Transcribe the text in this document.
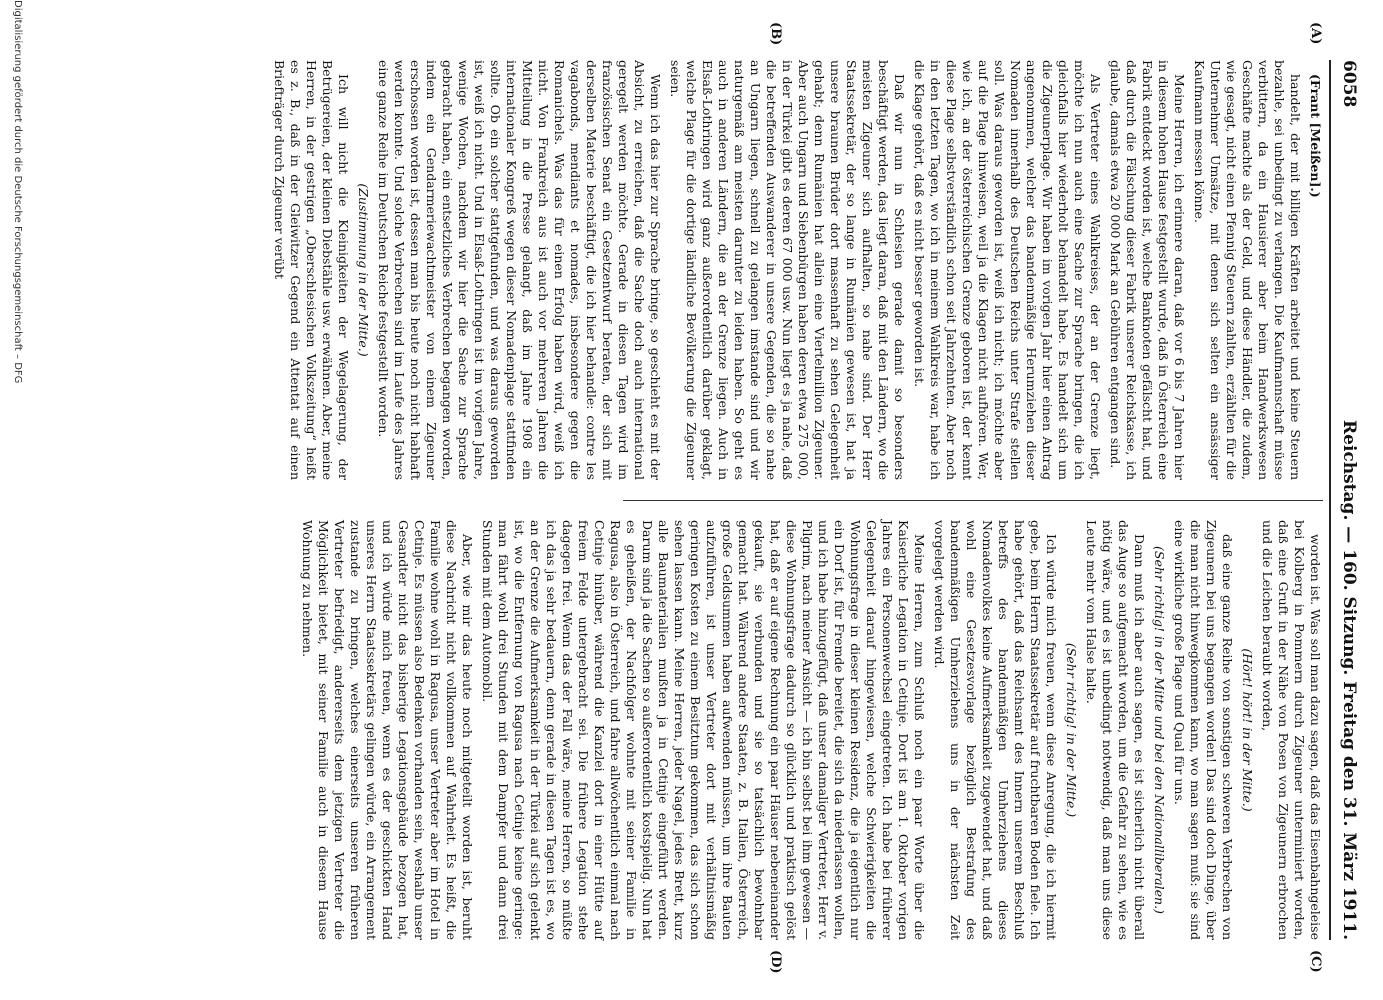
6058
Reichstag. — 160. Sitzung.
Freitag den 31. März 1911.
(A)
(B)
(C)
(D)

(Frant [Meißen].)

handelt, der mit billigen Kräften arbeitet und keine Steuern bezahle, sei unbedingt zu verlangen. Die Kaufmannschaft müsse verbittern, da ein Hausierer aber beim Handwerkswesen Geschäfte machte als der Geld, und diese Händler, die zudem, wie gesagt, nicht einen Pfennig Steuern zahlten, erzählten für die Unternehmer Umsätze, mit denen sich selten ein ansässiger Kaufmann messen könne.

Meine Herren, ich erinnere daran, daß vor 6 bis 7 Jahren hier in diesem hohen Hause festgestellt wurde, daß in Österreich eine Fabrik entdeckt worden ist, welche Banknoten gefälscht hat, und daß durch die Fälschung dieser Fabrik unserer Reichskasse, ich glaube, damals etwa 20 000 Mark an Gebühren entgangen sind.

Als Vertreter eines Wahlkreises, der an der Grenze liegt, möchte ich nun auch eine Sache zur Sprache bringen, die ich gleichfalls hier wiederholt behandelt habe. Es handelt sich um die Zigeunerplage. Wir haben im vorigen Jahr hier einen Antrag angenommen, welcher das bandenmäßige Herumziehen dieser Nomaden innerhalb des Deutschen Reichs unter Strafe stellen soll. Was daraus geworden ist, weiß ich nicht; ich möchte aber auf die Plage hinweisen, weil ja die Klagen nicht aufhören. Wer, wie ich, an der österreichischen Grenze geboren ist, der kennt diese Plage selbstverständlich schon seit Jahrzehnten. Aber noch in den letzten Tagen, wo ich in meinem Wahlkreis war, habe ich die Klage gehört, daß es nicht besser geworden ist.

Daß wir nun in Schlesien gerade damit so besonders beschäftigt werden, das liegt daran, daß mit den Ländern, wo die meisten Zigeuner sich aufhalten, so nahe sind. Der Herr Staatssekretär, der so lange in Rumänien gewesen ist, hat ja unsere braunen Brüder dort massenhaft zu sehen Gelegenheit gehabt; denn Rumänien hat allein eine Viertelmillion Zigeuner. Aber auch Ungarn und Siebenbürgen haben deren etwa 275 000, in der Türkei gibt es deren 67 000 usw. Nun liegt es ja nahe, daß die betreffenden Auswanderer in unsere Gegenden, die so nahe an Ungarn liegen, schnell zu gelangen imstande sind und wir naturgemäß am meisten darunter zu leiden haben. So geht es auch in anderen Ländern, die an der Grenze liegen. Auch in Elsaß-Lothringen wird ganz außerordentlich darüber geklagt, welche Plage für die dortige ländliche Bevölkerung die Zigeuner seien.

Wenn ich das hier zur Sprache bringe, so geschieht es mit der Absicht, zu erreichen, daß die Sache doch auch international geregelt werden möchte. Gerade in diesen Tagen wird im französischen Senat ein Gesetzentwurf beraten, der sich mit derselben Materie beschäftigt, die ich hier behandle: contre les vagabonds, mendiants et nomades, insbesondere gegen die Romanichels. Was das für einen Erfolg haben wird, weiß ich nicht. Von Frankreich aus ist auch vor mehreren Jahren die Mitteilung in die Presse gelangt, daß im Jahre 1908 ein internationaler Kongreß wegen dieser Nomadenplage stattfinden sollte. Ob ein solcher stattgefunden, und was daraus geworden ist, weiß ich nicht. Und in Elsaß-Lothringen ist im vorigen Jahre, wenige Wochen, nachdem wir hier die Sache zur Sprache gebracht haben, ein entsetzliches Verbrechen begangen worden, indem ein Gendarmeriewachtmeister von einem Zigeuner erschossen worden ist, dessen man bis heute noch nicht habhaft werden konnte. Und solche Verbrechen sind im Laufe des Jahres eine ganze Reihe im Deutschen Reiche festgestellt worden.

(Zustimmung in der Mitte.)

Ich will nicht die Kleinigkeiten der Wegelagerung, der Betrügereien, der kleinen Diebstähle usw. erwähnen. Aber, meine Herren, in der gestrigen „Oberschlesischen Volkszeitung“ heißt es z. B., daß in der Gleiwitzer Gegend ein Attentat auf einen Briefträger durch Zigeuner verübt

worden ist. Was soll man dazu sagen, daß das Eisenbahngeleise bei Kolberg in Pommern durch Zigeuner unterminiert worden, daß eine Gruft in der Nähe von Posen von Zigeunern erbrochen und die Leichen beraubt worden,

(Hört! hört! in der Mitte.)

daß eine ganze Reihe von sonstigen schweren Verbrechen von Zigeunern bei uns begangen worden! Das sind doch Dinge, über die man nicht hinwegkommen kann, wo man sagen muß: sie sind eine wirkliche große Plage und Qual für uns.

(Sehr richtig! in der Mitte und bei den Nationalliberalen.)

Dann muß ich aber auch sagen, es ist sicherlich nicht überall das Auge so aufgemacht worden, um die Gefahr zu sehen, wie es nötig wäre, und es ist unbedingt notwendig, daß man uns diese Leute mehr vom Halse halte.

(Sehr richtig! in der Mitte.)

Ich würde mich freuen, wenn diese Anregung, die ich hiermit gebe, beim Herrn Staatssekretär auf fruchtbaren Boden fiele. Ich habe gehört, daß das Reichsamt des Innern unserem Beschluß betreffs des bandenmäßigen Umherziehens dieses Nomadenvolkes keine Aufmerksamkeit zugewendet hat, und daß wohl eine Gesetzesvorlage bezüglich Bestrafung des bandenmäßigen Umherziehens uns in der nächsten Zeit vorgelegt werden wird.

Meine Herren, zum Schluß noch ein paar Worte über die Kaiserliche Legation in Cetinje. Dort ist am 1. Oktober vorigen Jahres ein Personenwechsel eingetreten. Ich habe bei früherer Gelegenheit darauf hingewiesen, welche Schwierigkeiten die Wohnungsfrage in dieser kleinen Residenz, die ja eigentlich nur ein Dorf ist, für Fremde bereitet, die sich da niederlassen wollen, und ich habe hinzugefügt, daß unser damaliger Vertreter, Herr v. Pilgrim, nach meiner Ansicht — ich bin selbst bei ihm gewesen — diese Wohnungsfrage dadurch so glücklich und praktisch gelöst hat, daß er auf eigene Rechnung ein paar Häuser nebeneinander gekauft, sie verbunden und sie so tatsächlich bewohnbar gemacht hat. Während andere Staaten, z. B. Italien, Österreich, große Geldsummen haben aufwenden müssen, um ihre Bauten aufzuführen, ist unser Vertreter dort mit verhältnismäßig geringen Kosten zu einem Besitztum gekommen, das sich schon sehen lassen kann. Meine Herren, jeder Nagel, jedes Brett, kurz alle Baumaterialien mußten ja in Cetinje eingeführt werden. Darum sind ja die Sachen so außerordentlich kostspielig. Nun hat es geheißen, der Nachfolger wohnte mit seiner Familie in Ragusa, also in Österreich, und fahre allwöchentlich einmal nach Cetinje hinüber, während die Kanzlei dort in einer Hütte auf freiem Felde untergebracht sei. Die frühere Legation stehe dagegen frei. Wenn das der Fall wäre, meine Herren, so müßte ich das ja sehr bedauern, denn gerade in diesen Tagen ist es, wo an der Grenze die Aufmerksamkeit in der Türkei auf sich gelenkt ist, wo die Entfernung von Ragusa nach Cetinje keine geringe: man fährt wohl drei Stunden mit dem Dampfer und dann drei Stunden mit dem Automobil.

Aber, wie mir das heute noch mitgeteilt worden ist, beruht diese Nachricht nicht vollkommen auf Wahrheit. Es heißt, die Familie wohne wohl in Ragusa, unser Vertreter aber im Hotel in Cetinje. Es müssen also Bedenken vorhanden sein, weshalb unser Gesandter nicht das bisherige Legationsgebäude bezogen hat, und ich würde mich freuen, wenn es der geschickten Hand unseres Herrn Staatssekretärs gelingen würde, ein Arrangement zustande zu bringen, welches einerseits unseren früheren Vertreter befriedigt, andererseits dem jetzigen Vertreter die Möglichkeit bietet, mit seiner Familie auch in diesem Hause Wohnung zu nehmen.

Digitalisierung gefördert durch die Deutsche Forschungsgemeinschaft – DFG
